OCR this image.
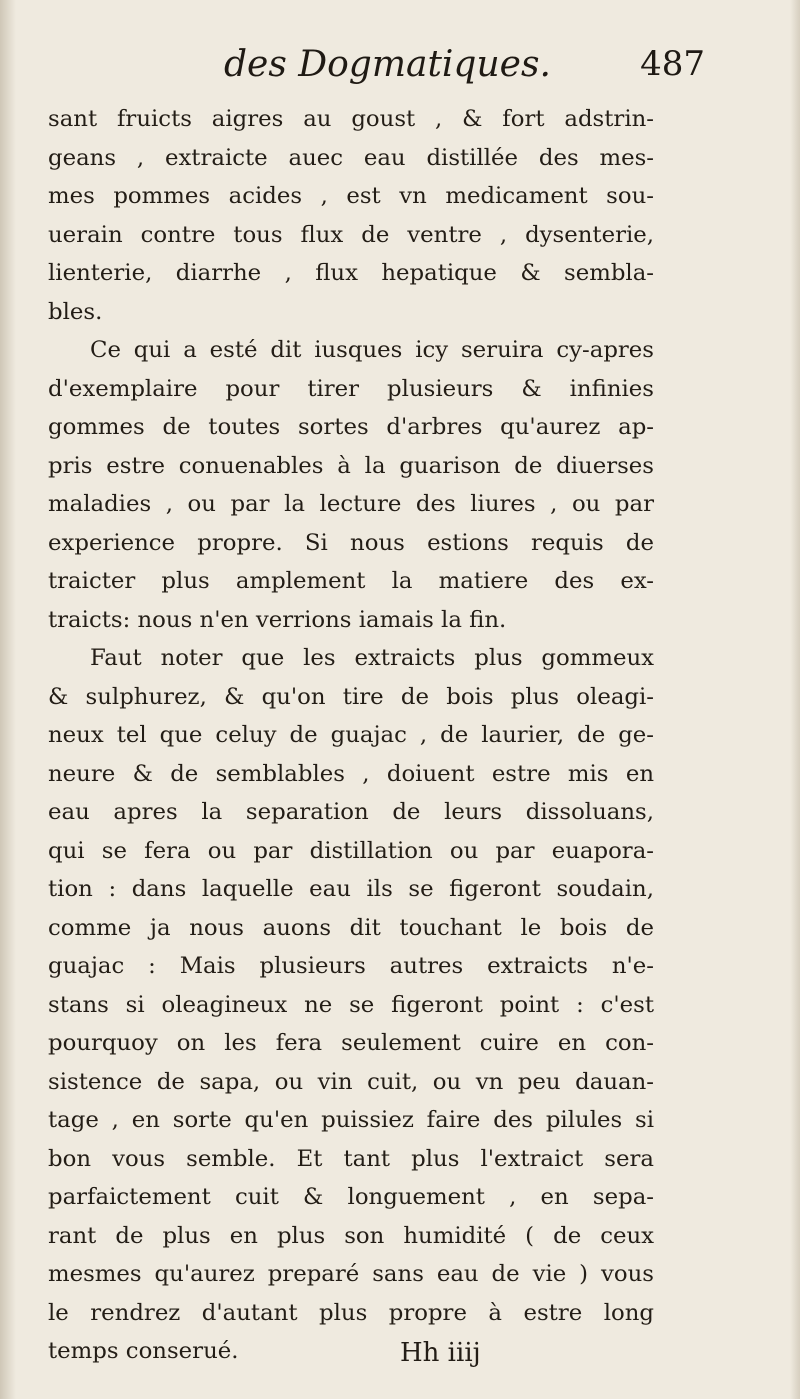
des Dogmatiques.	487
sant fruicts aigres au goust , & fort adstrin-
geans , extraicte auec eau distillée des mes-
mes pommes acides , est vn medicament sou-
uerain contre tous flux de ventre , dysenterie,
lienterie, diarrhe , flux hepatique & sembla-
bles.
Ce qui a esté dit iusques icy seruira cy-apres
d'exemplaire pour tirer plusieurs & infinies
gommes de toutes sortes d'arbres qu'aurez ap-
pris estre conuenables à la guarison de diuerses
maladies , ou par la lecture des liures , ou par
experience propre. Si nous estions requis de
traicter plus amplement la matiere des ex-
traicts: nous n'en verrions iamais la fin.
Faut noter que les extraicts plus gommeux
& sulphurez, & qu'on tire de bois plus oleagi-
neux tel que celuy de guajac , de laurier, de ge-
neure & de semblables , doiuent estre mis en
eau apres la separation de leurs dissoluans,
qui se fera ou par distillation ou par euapora-
tion : dans laquelle eau ils se figeront soudain,
comme ja nous auons dit touchant le bois de
guajac : Mais plusieurs autres extraicts n'e-
stans si oleagineux ne se figeront point : c'est
pourquoy on les fera seulement cuire en con-
sistence de sapa, ou vin cuit, ou vn peu dauan-
tage , en sorte qu'en puissiez faire des pilules si
bon vous semble. Et tant plus l'extraict sera
parfaictement cuit & longuement , en sepa-
rant de plus en plus son humidité ( de ceux
mesmes qu'aurez preparé sans eau de vie ) vous
le rendrez d'autant plus propre à estre long
temps conserué.	Hh iiij
